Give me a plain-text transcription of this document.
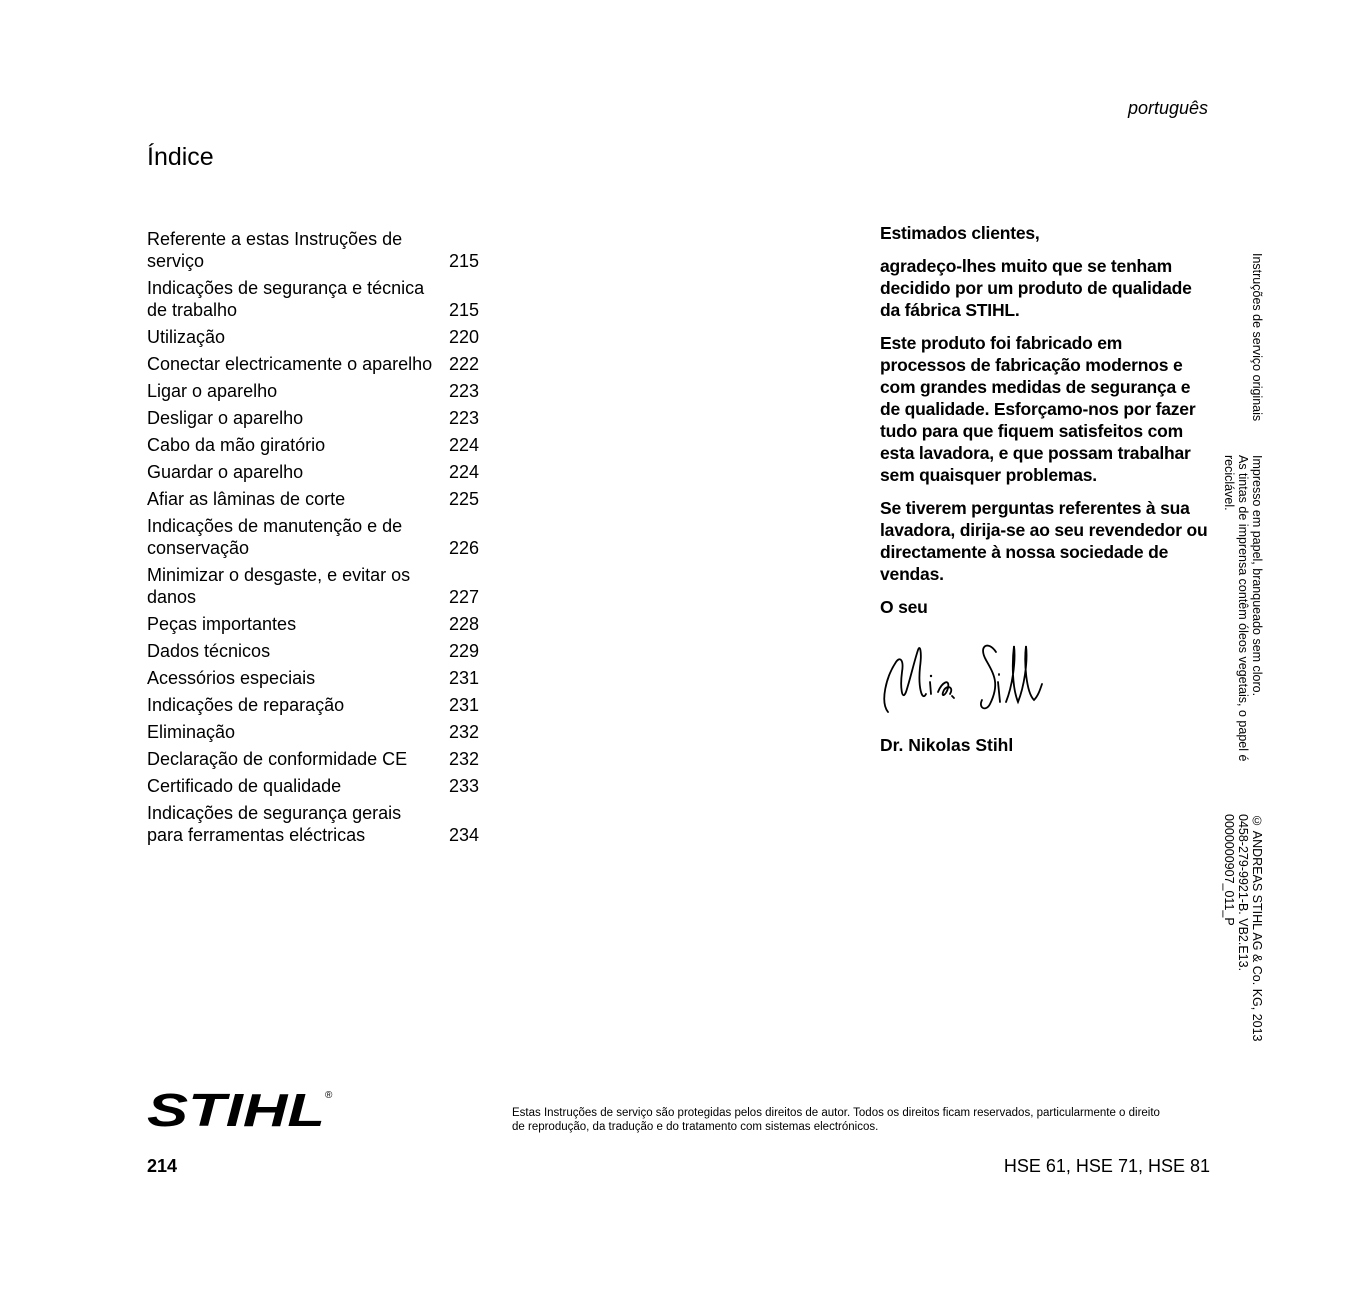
português
Índice
Referente a estas Instruções de
serviço	215
Indicações de segurança e técnica
de trabalho	215
Utilização	220
Conectar electricamente o aparelho 222
Ligar o aparelho	223
Desligar o aparelho	223
Cabo da mão giratório	224
Guardar o aparelho	224
Afiar as lâminas de corte	225
Indicações de manutenção e de
conservação	226
Minimizar o desgaste, e evitar os
danos	227
Peças importantes	228
Dados técnicos	229
Acessórios especiais	231
Indicações de reparação	231
Eliminação	232
Declaração de conformidade CE	232
Certificado de qualidade	233
Indicações de segurança gerais
para ferramentas eléctricas	234

Estimados clientes,

agradeço-lhes muito que se tenham decidido por um produto de qualidade da fábrica STIHL.

Este produto foi fabricado em processos de fabricação modernos e com grandes medidas de segurança e de qualidade. Esforçamo-nos por fazer tudo para que fiquem satisfeitos com esta lavadora, e que possam trabalhar sem quaisquer problemas.

Se tiverem perguntas referentes à sua lavadora, dirija-se ao seu revendedor ou directamente à nossa sociedade de vendas.

O seu

Dr. Nikolas Stihl
Instruções de serviço originais
Impresso em papel, branqueado sem cloro.
As tintas de imprensa contêm óleos vegetais, o papel é
reciclável.
© ANDREAS STIHL AG & Co. KG, 2013
0458-279-9921-B. VB2.E13.
0000000907_011_P
STIHL ®
Estas Instruções de serviço são protegidas pelos direitos de autor. Todos os direitos ficam reservados, particularmente o direito
de reprodução, da tradução e do tratamento com sistemas electrónicos.
214	HSE 61, HSE 71, HSE 81
